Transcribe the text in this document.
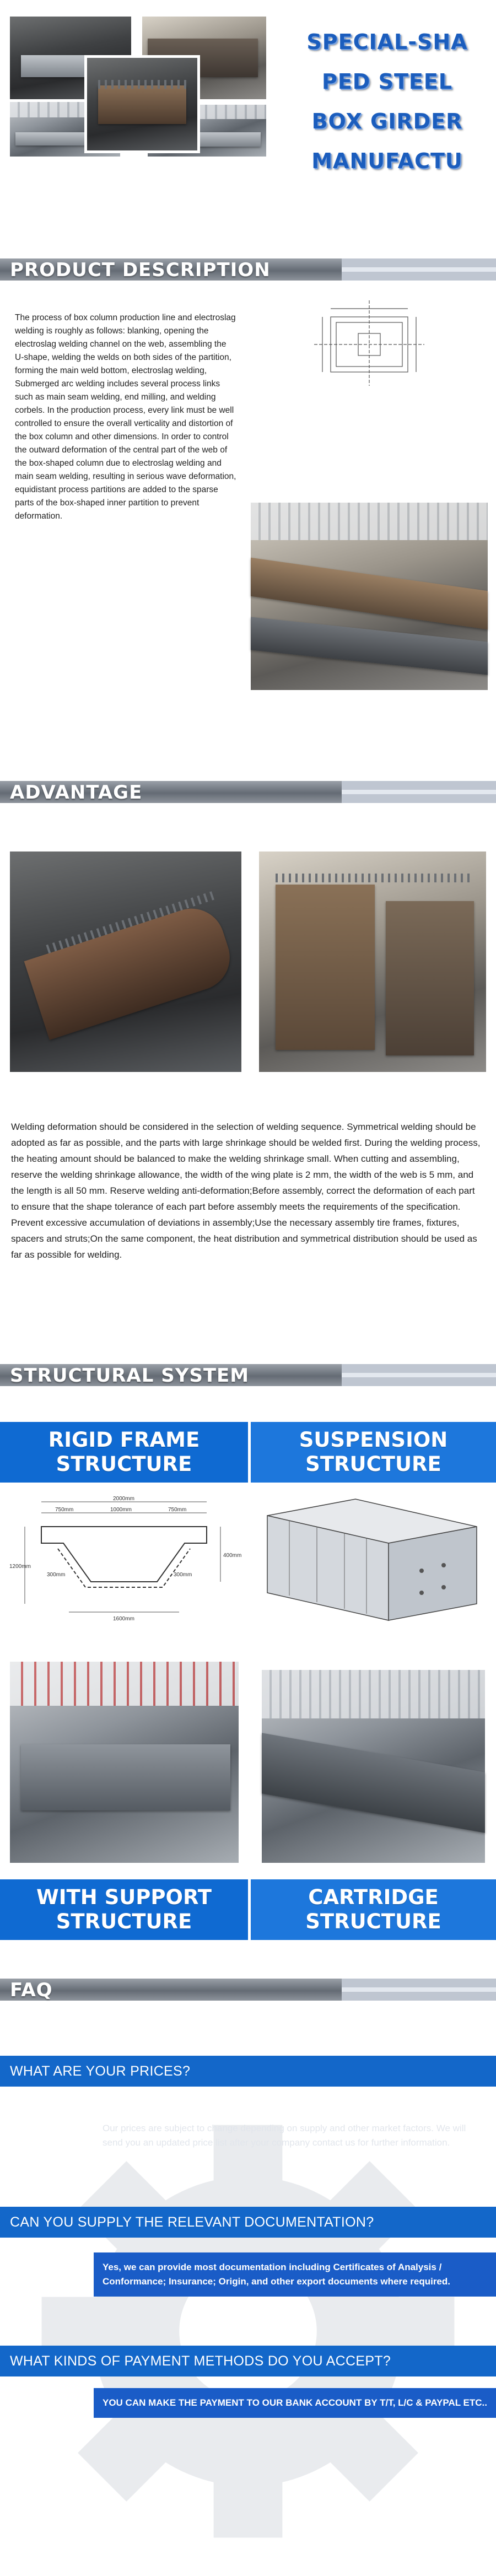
SPECIAL-SHA
PED STEEL
BOX GIRDER
MANUFACTU
PRODUCT DESCRIPTION
The process of box column production line and electroslag welding is roughly as follows: blanking, opening the electroslag welding channel on the web, assembling the U-shape, welding the welds on both sides of the partition, forming the main weld bottom, electroslag welding, Submerged arc welding includes several process links such as main seam welding, end milling, and welding corbels. In the production process, every link must be well controlled to ensure the overall verticality and distortion of the box column and other dimensions. In order to control the outward deformation of the central part of the web of the box-shaped column due to electroslag welding and main seam welding, resulting in serious wave deformation, equidistant process partitions are added to the sparse parts of the box-shaped inner partition to prevent deformation.
ADVANTAGE
Welding deformation should be considered in the selection of welding sequence. Symmetrical welding should be adopted as far as possible, and the parts with large shrinkage should be welded first. During the welding process, the heating amount should be balanced to make the welding shrinkage small. When cutting and assembling, reserve the welding shrinkage allowance, the width of the wing plate is 2 mm, the width of the web is 5 mm, and the length is all 50 mm. Reserve welding anti-deformation;Before assembly, correct the deformation of each part to ensure that the shape tolerance of each part before assembly meets the requirements of the specification. Prevent excessive accumulation of deviations in assembly;Use the necessary assembly tire frames, fixtures, spacers and struts;On the same component, the heat distribution and symmetrical distribution should be used as far as possible for welding.
STRUCTURAL SYSTEM
RIGID FRAME
STRUCTURE
SUSPENSION
STRUCTURE
2000mm
750mm	1000mm	750mm
1200mm
400mm
300mm	300mm
1600mm
WITH SUPPORT
STRUCTURE
CARTRIDGE
STRUCTURE
FAQ
WHAT ARE YOUR PRICES?
Our prices are subject to change depending on supply and other market factors. We will send you an updated price list after your company contact us for further information.
CAN YOU SUPPLY THE RELEVANT DOCUMENTATION?
Yes, we can provide most documentation including Certificates of Analysis / Conformance; Insurance; Origin, and other export documents where required.
WHAT KINDS OF PAYMENT METHODS DO YOU ACCEPT?
YOU CAN MAKE THE PAYMENT TO OUR BANK ACCOUNT BY T/T, L/C & PAYPAL ETC..
